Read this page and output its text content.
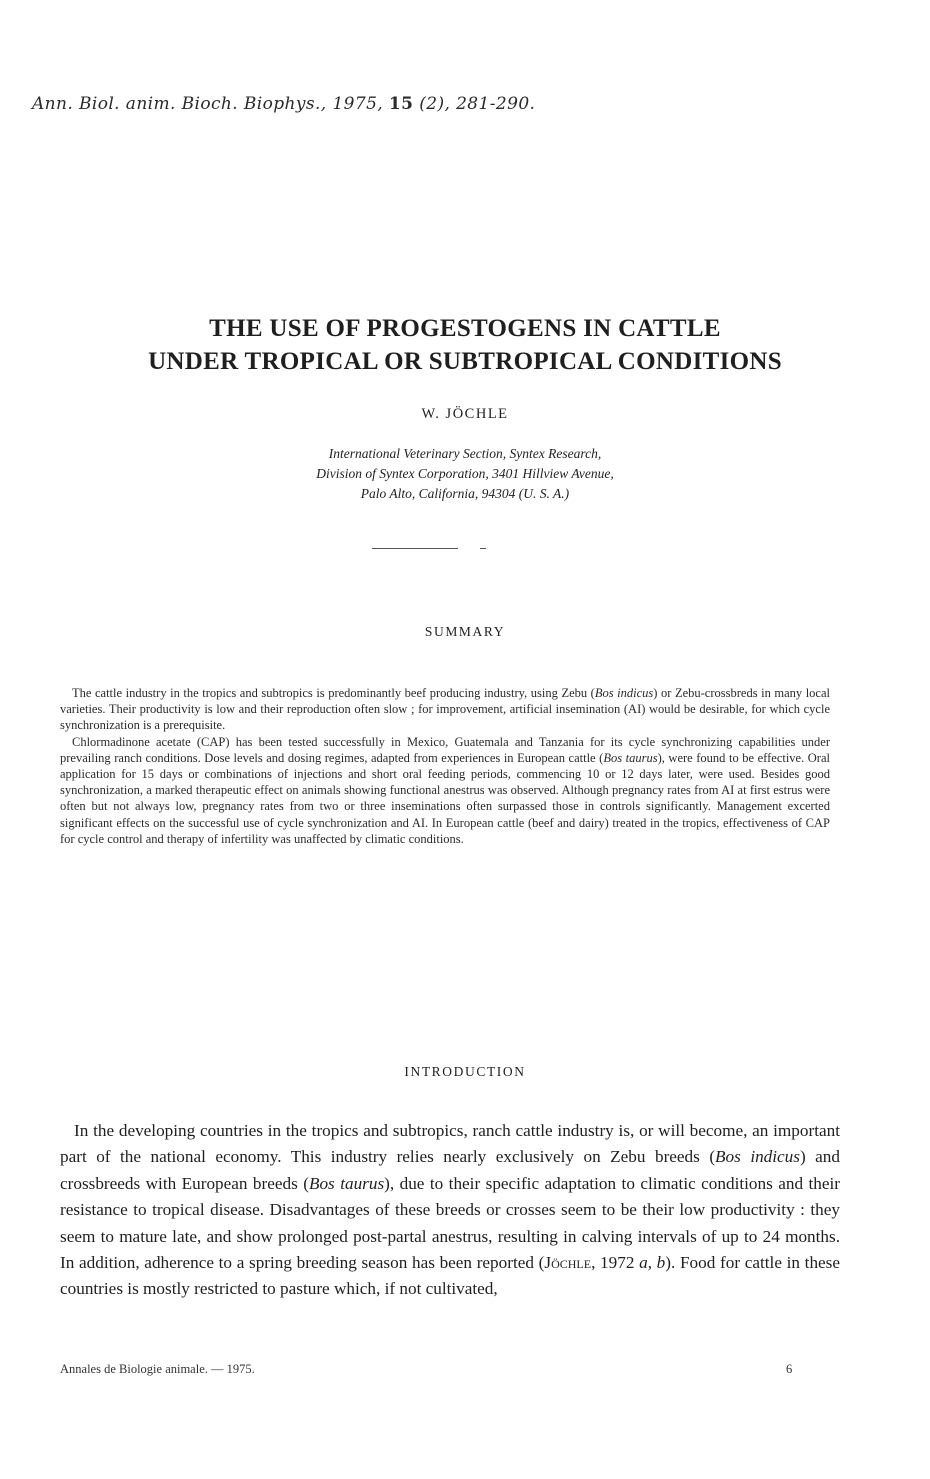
Ann. Biol. anim. Bioch. Biophys., 1975, 15 (2), 281-290.
THE USE OF PROGESTOGENS IN CATTLE
UNDER TROPICAL OR SUBTROPICAL CONDITIONS
W. JÖCHLE
International Veterinary Section, Syntex Research,
Division of Syntex Corporation, 3401 Hillview Avenue,
Palo Alto, California, 94304 (U. S. A.)
SUMMARY

The cattle industry in the tropics and subtropics is predominantly beef producing industry, using Zebu (Bos indicus) or Zebu-crossbreds in many local varieties. Their productivity is low and their reproduction often slow ; for improvement, artificial insemination (AI) would be desirable, for which cycle synchronization is a prerequisite.

Chlormadinone acetate (CAP) has been tested successfully in Mexico, Guatemala and Tanzania for its cycle synchronizing capabilities under prevailing ranch conditions. Dose levels and dosing regimes, adapted from experiences in European cattle (Bos taurus), were found to be effective. Oral application for 15 days or combinations of injections and short oral feeding periods, commencing 10 or 12 days later, were used. Besides good synchronization, a marked therapeutic effect on animals showing functional anestrus was observed. Although pregnancy rates from AI at first estrus were often but not always low, pregnancy rates from two or three inseminations often surpassed those in controls significantly. Management excerted significant effects on the successful use of cycle synchronization and AI. In European cattle (beef and dairy) treated in the tropics, effectiveness of CAP for cycle control and therapy of infertility was unaffected by climatic conditions.

INTRODUCTION

In the developing countries in the tropics and subtropics, ranch cattle industry is, or will become, an important part of the national economy. This industry relies nearly exclusively on Zebu breeds (Bos indicus) and crossbreeds with European breeds (Bos taurus), due to their specific adaptation to climatic conditions and their resistance to tropical disease. Disadvantages of these breeds or crosses seem to be their low productivity : they seem to mature late, and show prolonged post-partal anestrus, resulting in calving intervals of up to 24 months. In addition, adherence to a spring breeding season has been reported (Jöchle, 1972 a, b). Food for cattle in these countries is mostly restricted to pasture which, if not cultivated,

Annales de Biologie animale. — 1975.	6
